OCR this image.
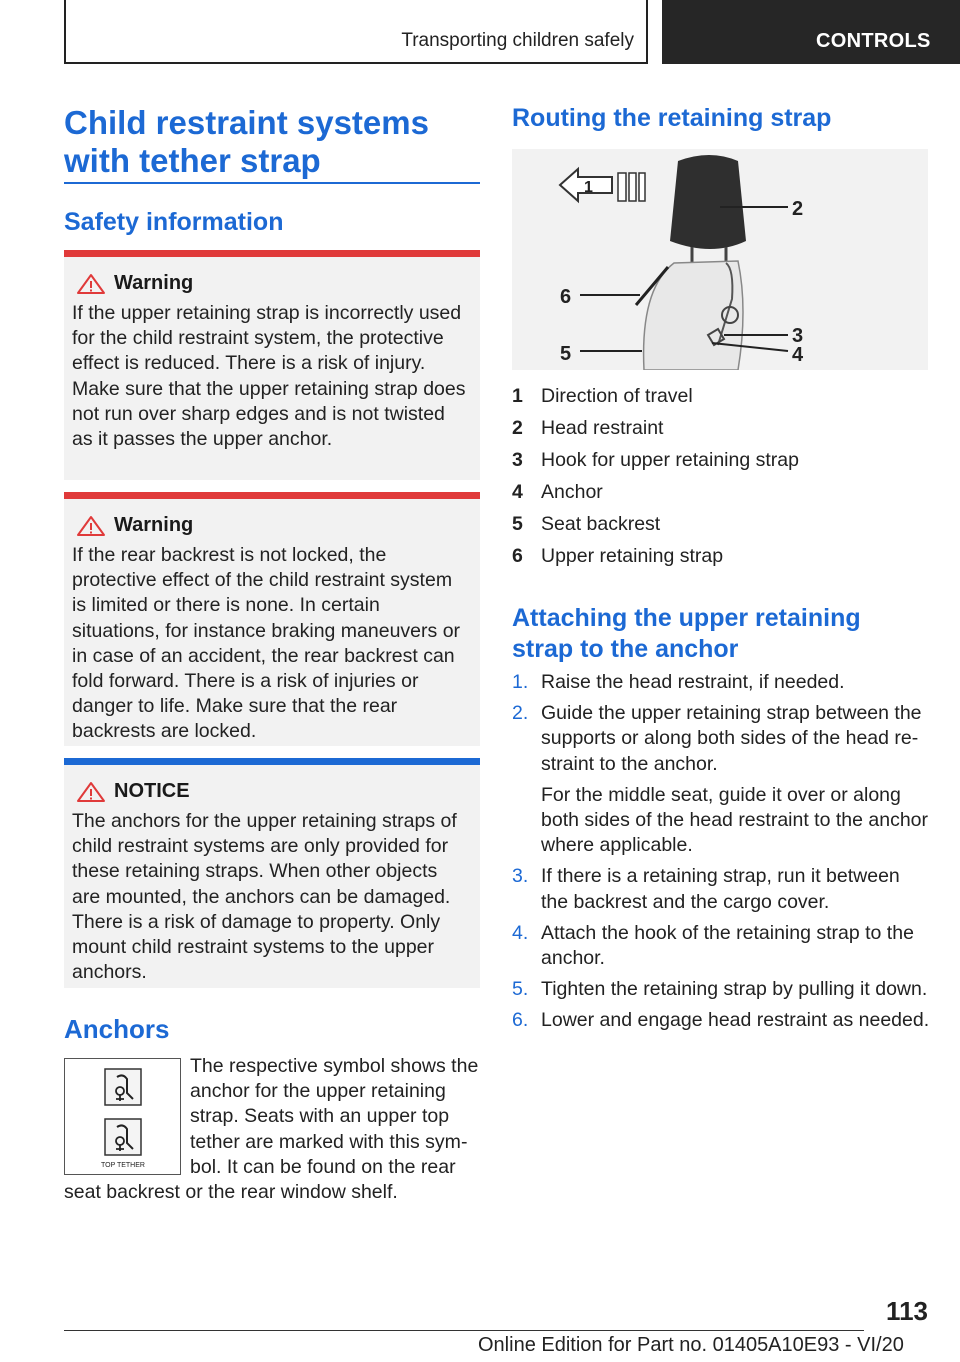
Transporting children safely	CONTROLS
Child restraint systems with tether strap
Safety information
Warning

If the upper retaining strap is incorrectly used for the child restraint system, the protective effect is reduced. There is a risk of injury. Make sure that the upper retaining strap does not run over sharp edges and is not twisted as it passes the upper anchor.

Warning

If the rear backrest is not locked, the protective effect of the child restraint system is limited or there is none. In certain situations, for instance braking maneuvers or in case of an accident, the rear backrest can fold forward. There is a risk of injuries or danger to life. Make sure that the rear backrests are locked.

NOTICE

The anchors for the upper retaining straps of child restraint systems are only provided for these retaining straps. When other objects are mounted, the anchors can be damaged. There is a risk of damage to property. Only mount child restraint systems to the upper anchors.

Anchors

The respective symbol shows the anchor for the upper retaining strap. Seats with an upper top tether are marked with this symbol. It can be found on the rear seat backrest or the rear window shelf.

TOP TETHER
Routing the retaining strap
1
2
3
4
5
6
1 Direction of travel
2 Head restraint
3 Hook for upper retaining strap
4 Anchor
5 Seat backrest
6 Upper retaining strap
Attaching the upper retaining strap to the anchor
1. Raise the head restraint, if needed.

2. Guide the upper retaining strap between the supports or along both sides of the head restraint to the anchor.

For the middle seat, guide it over or along both sides of the head restraint to the anchor where applicable.

3. If there is a retaining strap, run it between the backrest and the cargo cover.

4. Attach the hook of the retaining strap to the anchor.

5. Tighten the retaining strap by pulling it down.

6. Lower and engage head restraint as needed.

113
Online Edition for Part no. 01405A10E93 - VI/20
